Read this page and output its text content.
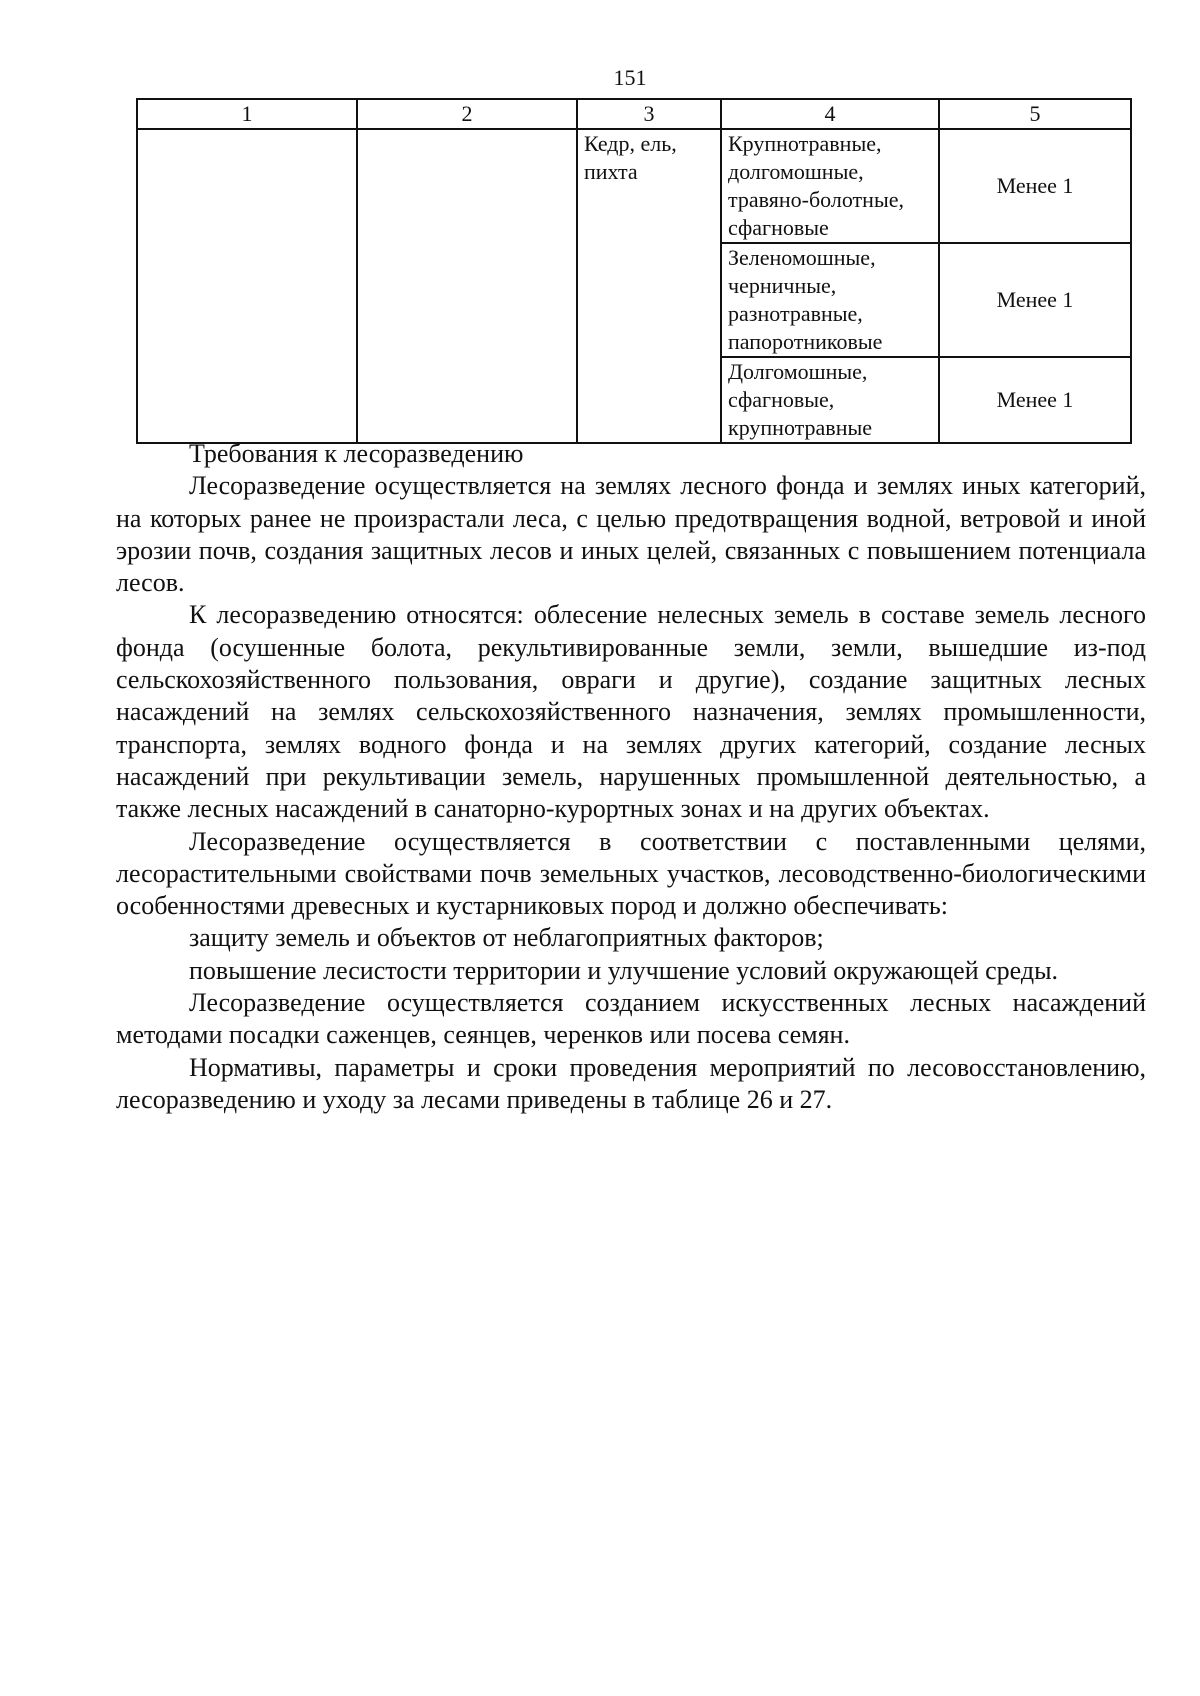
151
1	2	3	4	5
		Кедр, ель, пихта	Крупнотравные, долгомошные, травяно-болотные, сфагновые	Менее 1
			Зеленомошные, черничные, разнотравные, папоротниковые	Менее 1
			Долгомошные, сфагновые, крупнотравные	Менее 1

Требования к лесоразведению

Лесоразведение осуществляется на землях лесного фонда и землях иных категорий, на которых ранее не произрастали леса, с целью предотвращения водной, ветровой и иной эрозии почв, создания защитных лесов и иных целей, связанных с повышением потенциала лесов.

К лесоразведению относятся: облесение нелесных земель в составе земель лесного фонда (осушенные болота, рекультивированные земли, земли, вышедшие из-под сельскохозяйственного пользования, овраги и другие), создание защитных лесных насаждений на землях сельскохозяйственного назначения, землях промышленности, транспорта, землях водного фонда и на землях других категорий, создание лесных насаждений при рекультивации земель, нарушенных промышленной деятельностью, а также лесных насаждений в санаторно-курортных зонах и на других объектах.

Лесоразведение осуществляется в соответствии с поставленными целями, лесорастительными свойствами почв земельных участков, лесоводственно-биологическими особенностями древесных и кустарниковых пород и должно обеспечивать:

защиту земель и объектов от неблагоприятных факторов;

повышение лесистости территории и улучшение условий окружающей среды.

Лесоразведение осуществляется созданием искусственных лесных насаждений методами посадки саженцев, сеянцев, черенков или посева семян.

Нормативы, параметры и сроки проведения мероприятий по лесовосстановлению, лесоразведению и уходу за лесами приведены в таблице 26 и 27.
